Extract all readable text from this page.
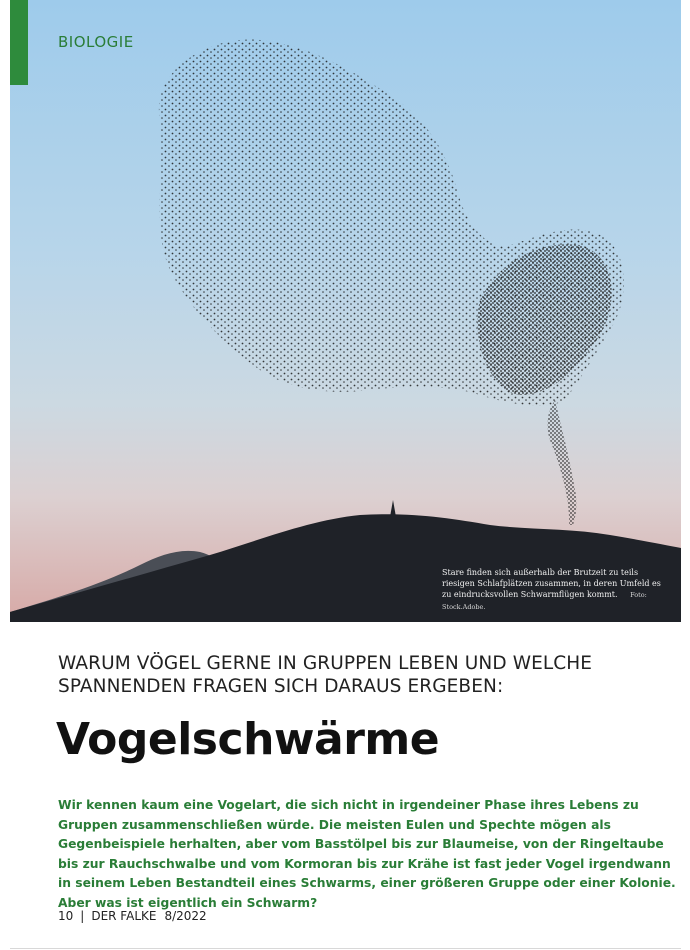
BIOLOGIE
Stare finden sich außerhalb der Brutzeit zu teils riesigen Schlafplätzen zusammen, in deren Umfeld es zu eindrucksvollen Schwarmflügen kommt. Foto: Stock.Adobe.
WARUM VÖGEL GERNE IN GRUPPEN LEBEN UND WELCHE SPANNENDEN FRAGEN SICH DARAUS ERGEBEN:
Vogelschwärme
Wir kennen kaum eine Vogelart, die sich nicht in irgendeiner Phase ihres Lebens zu Gruppen zusammenschließen würde. Die meisten Eulen und Spechte mögen als Gegenbeispiele herhalten, aber vom Basstölpel bis zur Blaumeise, von der Ringeltaube bis zur Rauchschwalbe und vom Kormoran bis zur Krähe ist fast jeder Vogel irgendwann in seinem Leben Bestandteil eines Schwarms, einer größeren Gruppe oder einer Kolonie. Aber was ist eigentlich ein Schwarm?
10 | DER FALKE 8/2022
